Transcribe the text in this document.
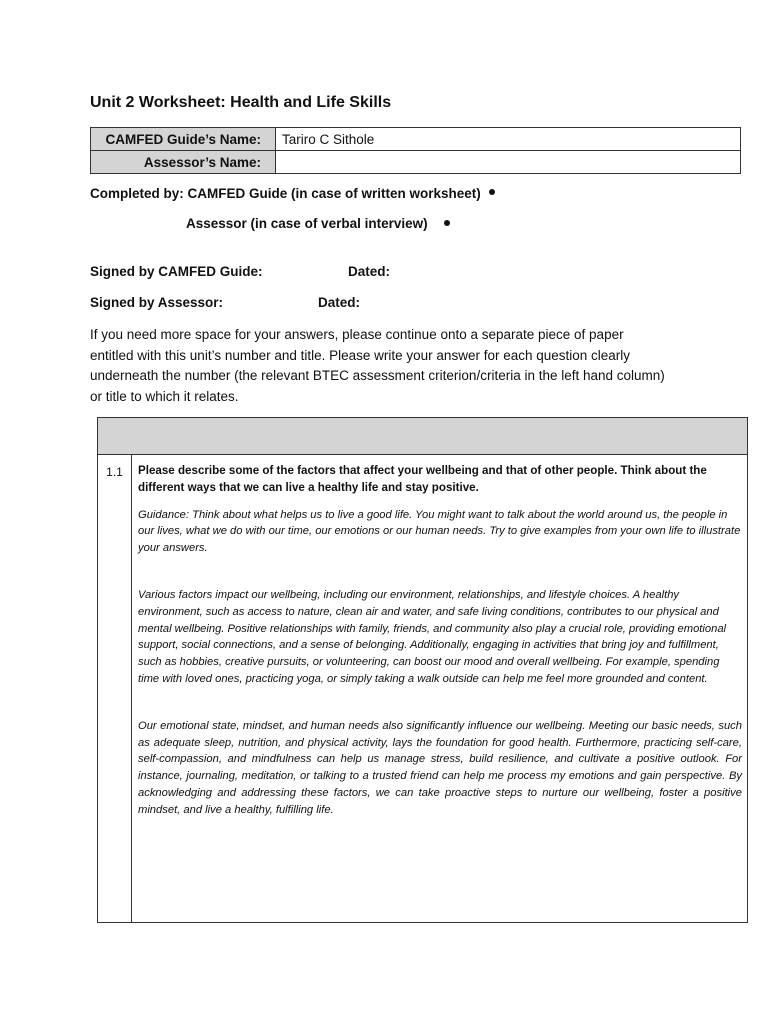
Unit 2 Worksheet: Health and Life Skills
CAMFED Guide’s Name:	Tariro C Sithole
Assessor’s Name:	
Completed by: CAMFED Guide (in case of written worksheet)
Assessor (in case of verbal interview)
Signed by CAMFED Guide:	Dated:
Signed by Assessor:	Dated:
If you need more space for your answers, please continue onto a separate piece of paper entitled with this unit’s number and title. Please write your answer for each question clearly underneath the number (the relevant BTEC assessment criterion/criteria in the left hand column) or title to which it relates.
1.1	Please describe some of the factors that affect your wellbeing and that of other people. Think about the different ways that we can live a healthy life and stay positive.

Guidance: Think about what helps us to live a good life. You might want to talk about the world around us, the people in our lives, what we do with our time, our emotions or our human needs. Try to give examples from your own life to illustrate your answers.

Various factors impact our wellbeing, including our environment, relationships, and lifestyle choices. A healthy environment, such as access to nature, clean air and water, and safe living conditions, contributes to our physical and mental wellbeing. Positive relationships with family, friends, and community also play a crucial role, providing emotional support, social connections, and a sense of belonging. Additionally, engaging in activities that bring joy and fulfillment, such as hobbies, creative pursuits, or volunteering, can boost our mood and overall wellbeing. For example, spending time with loved ones, practicing yoga, or simply taking a walk outside can help me feel more grounded and content.

Our emotional state, mindset, and human needs also significantly influence our wellbeing. Meeting our basic needs, such as adequate sleep, nutrition, and physical activity, lays the foundation for good health. Furthermore, practicing self-care, self-compassion, and mindfulness can help us manage stress, build resilience, and cultivate a positive outlook. For instance, journaling, meditation, or talking to a trusted friend can help me process my emotions and gain perspective. By acknowledging and addressing these factors, we can take proactive steps to nurture our wellbeing, foster a positive mindset, and live a healthy, fulfilling life.
